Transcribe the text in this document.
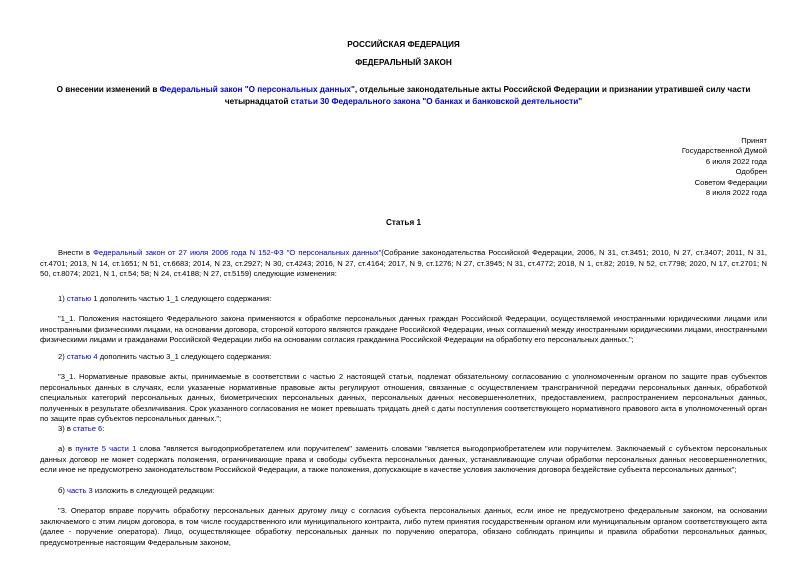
РОССИЙСКАЯ ФЕДЕРАЦИЯ
ФЕДЕРАЛЬНЫЙ ЗАКОН
О внесении изменений в Федеральный закон "О персональных данных", отдельные законодательные акты Российской Федерации и признании утратившей силу части четырнадцатой статьи 30 Федерального закона "О банках и банковской деятельности"
Принят
Государственной Думой
6 июля 2022 года
Одобрен
Советом Федерации
8 июля 2022 года
Статья 1
Внести в Федеральный закон от 27 июля 2006 года N 152-ФЗ "О персональных данных"(Собрание законодательства Российской Федерации, 2006, N 31, ст.3451; 2010, N 27, ст.3407; 2011, N 31, ст.4701; 2013, N 14, ст.1651; N 51, ст.6683; 2014, N 23, ст.2927; N 30, ст.4243; 2016, N 27, ст.4164; 2017, N 9, ст.1276; N 27, ст.3945; N 31, ст.4772; 2018, N 1, ст.82; 2019, N 52, ст.7798; 2020, N 17, ст.2701; N 50, ст.8074; 2021, N 1, ст.54; 58; N 24, ст.4188; N 27, ст.5159) следующие изменения:
1) статью 1 дополнить частью 1_1 следующего содержания:
"1_1. Положения настоящего Федерального закона применяются к обработке персональных данных граждан Российской Федерации, осуществляемой иностранными юридическими лицами или иностранными физическими лицами, на основании договора, стороной которого являются граждане Российской Федерации, иных соглашений между иностранными юридическими лицами, иностранными физическими лицами и гражданами Российской Федерации либо на основании согласия гражданина Российской Федерации на обработку его персональных данных.";
2) статью 4 дополнить частью 3_1 следующего содержания:
"3_1. Нормативные правовые акты, принимаемые в соответствии с частью 2 настоящей статьи, подлежат обязательному согласованию с уполномоченным органом по защите прав субъектов персональных данных в случаях, если указанные нормативные правовые акты регулируют отношения, связанные с осуществлением трансграничной передачи персональных данных, обработкой специальных категорий персональных данных, биометрических персональных данных, персональных данных несовершеннолетних, предоставлением, распространением персональных данных, полученных в результате обезличивания. Срок указанного согласования не может превышать тридцать дней с даты поступления соответствующего нормативного правового акта в уполномоченный орган по защите прав субъектов персональных данных.";
3) в статье 6:
а) в пункте 5 части 1 слова "является выгодоприобретателем или поручителем" заменить словами "является выгодоприобретателем или поручителем. Заключаемый с субъектом персональных данных договор не может содержать положения, ограничивающие права и свободы субъекта персональных данных, устанавливающие случаи обработки персональных данных несовершеннолетних, если иное не предусмотрено законодательством Российской Федерации, а также положения, допускающие в качестве условия заключения договора бездействие субъекта персональных данных";
б) часть 3 изложить в следующей редакции:
"3. Оператор вправе поручить обработку персональных данных другому лицу с согласия субъекта персональных данных, если иное не предусмотрено федеральным законом, на основании заключаемого с этим лицом договора, в том числе государственного или муниципального контракта, либо путем принятия государственным органом или муниципальным органом соответствующего акта (далее - поручение оператора). Лицо, осуществляющее обработку персональных данных по поручению оператора, обязано соблюдать принципы и правила обработки персональных данных, предусмотренные настоящим Федеральным законом,
